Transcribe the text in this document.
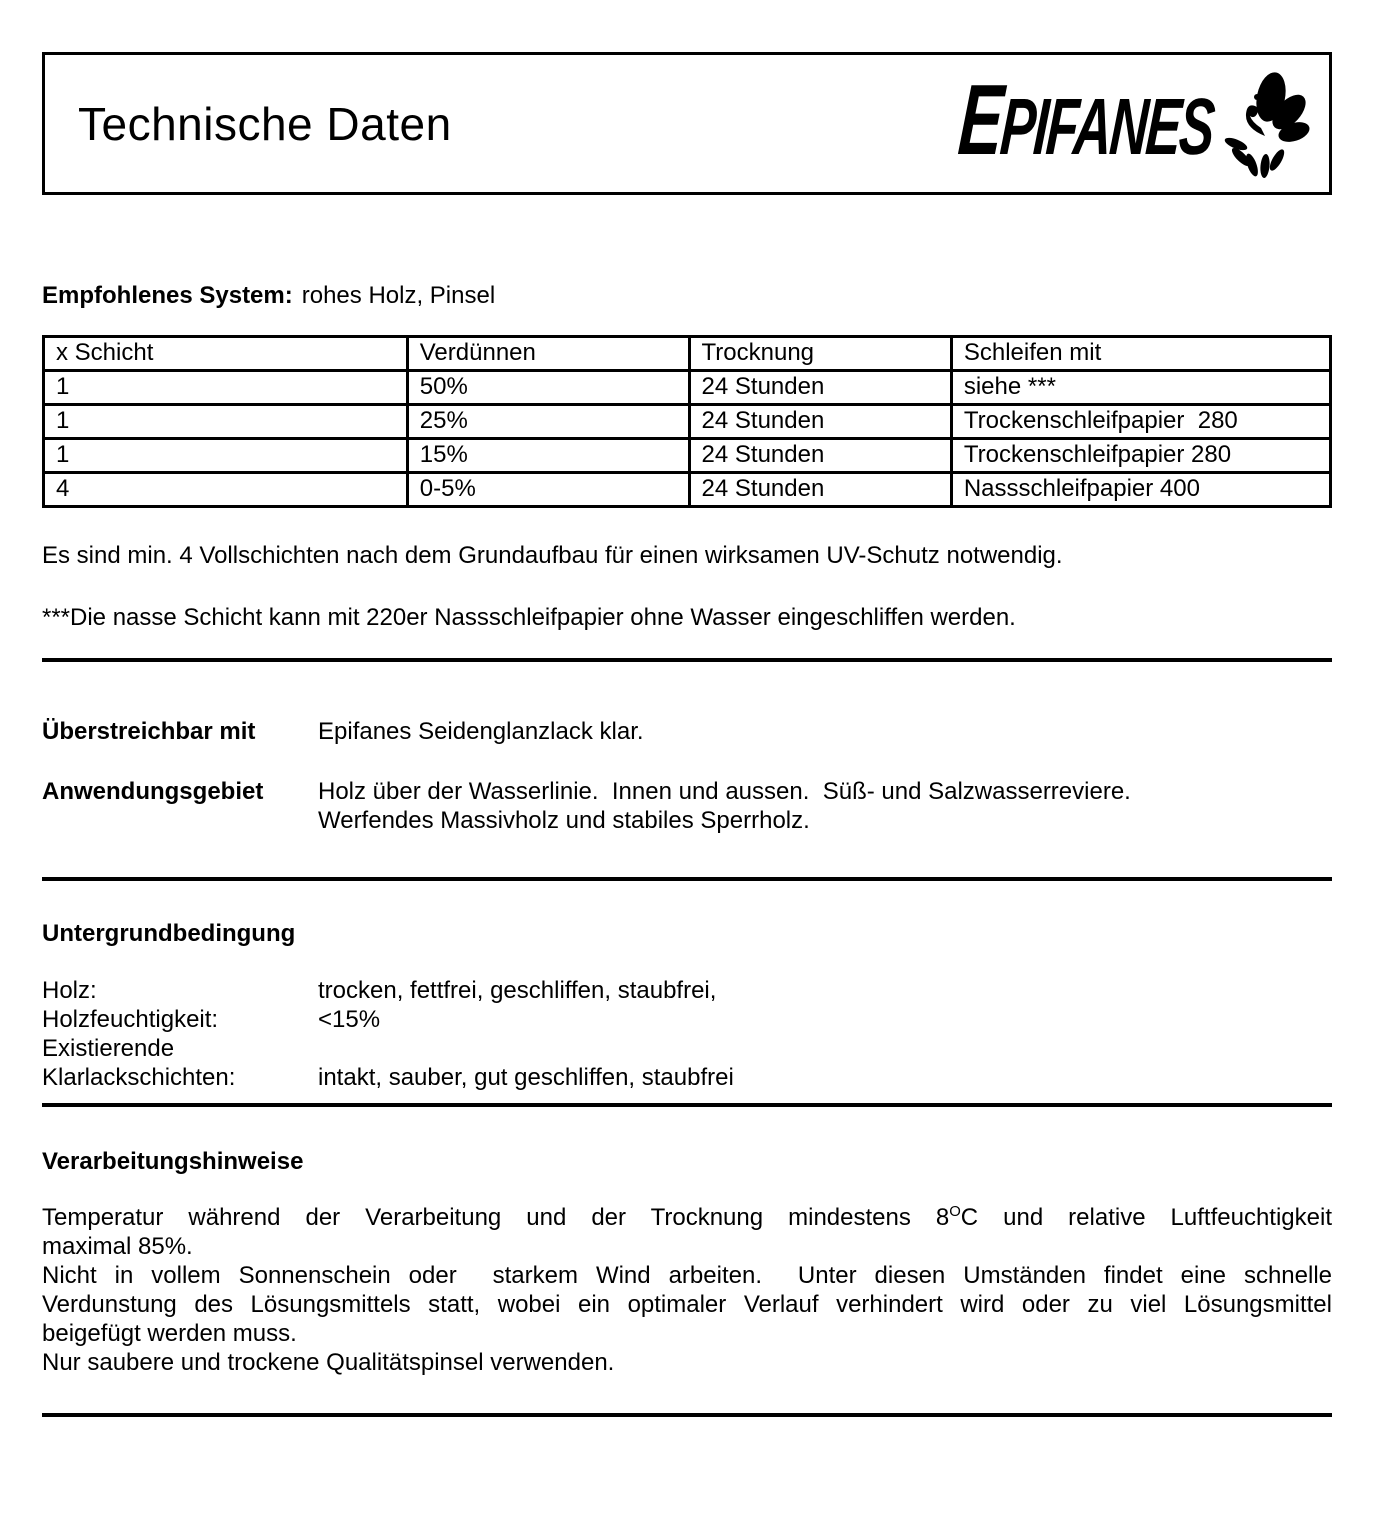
Technische Daten	EPIFANES
Empfohlenes System: rohes Holz, Pinsel
x Schicht	Verdünnen	Trocknung	Schleifen mit
1	50%	24 Stunden	siehe ***
1	25%	24 Stunden	Trockenschleifpapier  280
1	15%	24 Stunden	Trockenschleifpapier 280
4	0-5%	24 Stunden	Nassschleifpapier 400
Es sind min. 4 Vollschichten nach dem Grundaufbau für einen wirksamen UV-Schutz notwendig.
***Die nasse Schicht kann mit 220er Nassschleifpapier ohne Wasser eingeschliffen werden.
Überstreichbar mit	Epifanes Seidenglanzlack klar.
Anwendungsgebiet	Holz über der Wasserlinie.  Innen und aussen.  Süß- und Salzwasserreviere.
Werfendes Massivholz und stabiles Sperrholz.
Untergrundbedingung
Holz:	trocken, fettfrei, geschliffen, staubfrei,
Holzfeuchtigkeit:	<15%
Existierende
Klarlackschichten:	intakt, sauber, gut geschliffen, staubfrei
Verarbeitungshinweise
Temperatur während der Verarbeitung und der Trocknung mindestens $8^OC$ und relative Luftfeuchtigkeit
maximal 85%.
Nicht in vollem Sonnenschein oder  starkem Wind arbeiten.  Unter diesen Umständen findet eine schnelle
Verdunstung des Lösungsmittels statt, wobei ein optimaler Verlauf verhindert wird oder zu viel Lösungsmittel
beigefügt werden muss.
Nur saubere und trockene Qualitätspinsel verwenden.
